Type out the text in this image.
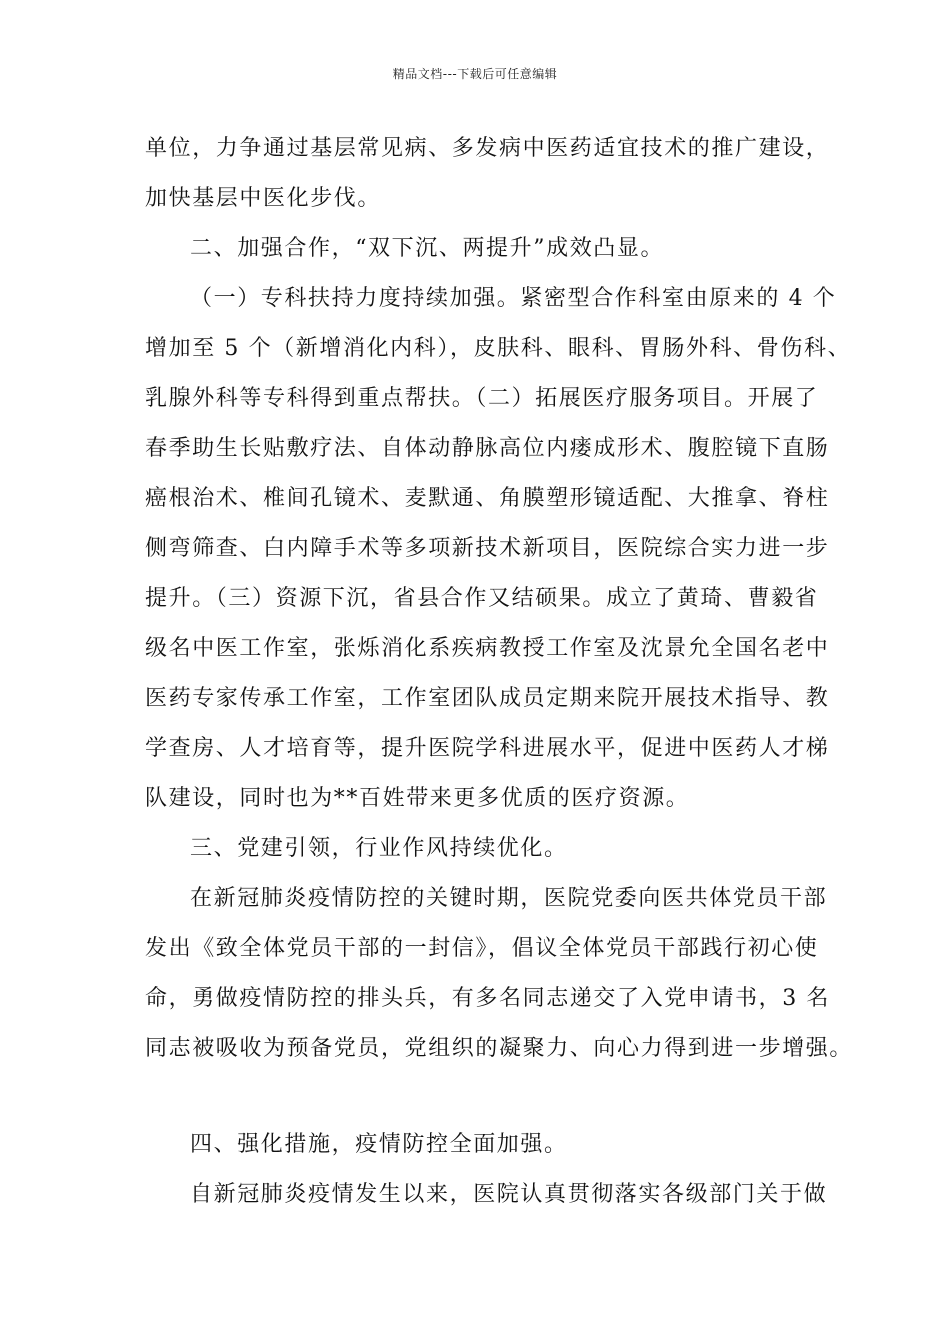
精品文档---下载后可任意编辑
单位，力争通过基层常见病、多发病中医药适宜技术的推广建设，
加快基层中医化步伐。
二、加强合作，“双下沉、两提升”成效凸显。
（一）专科扶持力度持续加强。紧密型合作科室由原来的 4 个
增加至 5 个（新增消化内科），皮肤科、眼科、胃肠外科、骨伤科、
乳腺外科等专科得到重点帮扶。（二）拓展医疗服务项目。开展了
春季助生长贴敷疗法、自体动静脉高位内瘘成形术、腹腔镜下直肠
癌根治术、椎间孔镜术、麦默通、角膜塑形镜适配、大推拿、脊柱
侧弯筛查、白内障手术等多项新技术新项目，医院综合实力进一步
提升。（三）资源下沉，省县合作又结硕果。成立了黄琦、曹毅省
级名中医工作室，张烁消化系疾病教授工作室及沈景允全国名老中
医药专家传承工作室，工作室团队成员定期来院开展技术指导、教
学查房、人才培育等，提升医院学科进展水平，促进中医药人才梯
队建设，同时也为**百姓带来更多优质的医疗资源。
三、党建引领，行业作风持续优化。
在新冠肺炎疫情防控的关键时期，医院党委向医共体党员干部
发出《致全体党员干部的一封信》，倡议全体党员干部践行初心使
命，勇做疫情防控的排头兵，有多名同志递交了入党申请书，3 名
同志被吸收为预备党员，党组织的凝聚力、向心力得到进一步增强。
四、强化措施，疫情防控全面加强。
自新冠肺炎疫情发生以来，医院认真贯彻落实各级部门关于做
